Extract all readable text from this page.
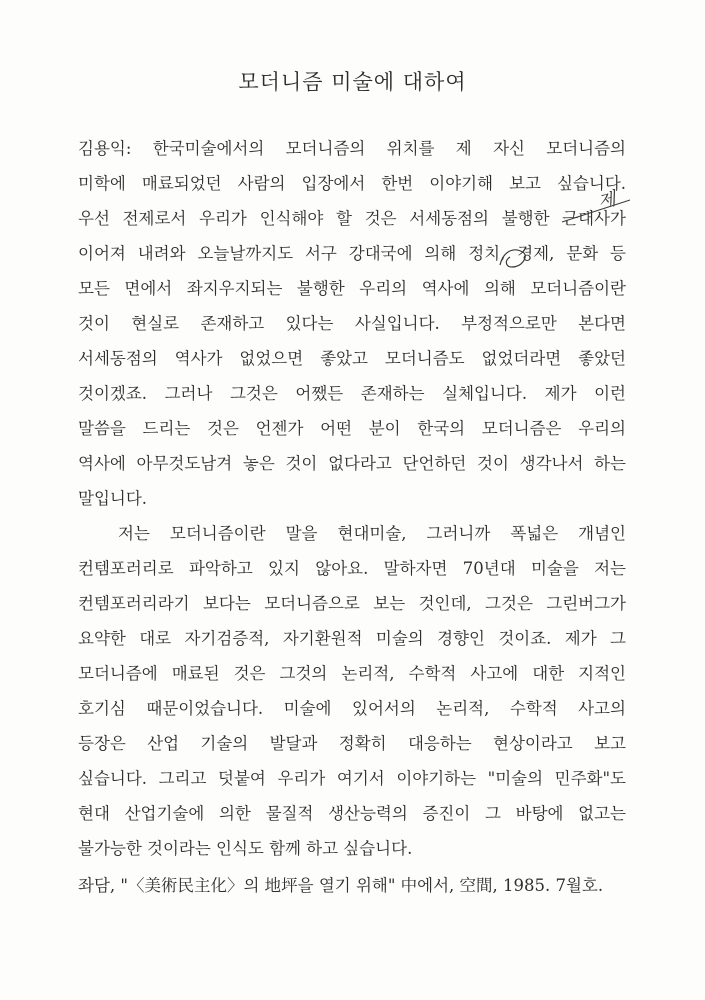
모더니즘 미술에 대하여
김용익: 한국미술에서의 모더니즘의 위치를 제 자신 모더니즘의
미학에 매료되었던 사람의 입장에서 한번 이야기해 보고 싶습니다.
우선 전제로서 우리가 인식해야 할 것은 서세동점의 불행한 근대사가
이어져 내려와 오늘날까지도 서구 강대국에 의해 정치, 경제, 문화 등
모든 면에서 좌지우지되는 불행한 우리의 역사에 의해 모더니즘이란
것이 현실로 존재하고 있다는 사실입니다. 부정적으로만 본다면
서세동점의 역사가 없었으면 좋았고 모더니즘도 없었더라면 좋았던
것이겠죠. 그러나 그것은 어쨌든 존재하는 실체입니다. 제가 이런
말씀을 드리는 것은 언젠가 어떤 분이 한국의 모더니즘은 우리의
역사에 아무것도남겨 놓은 것이 없다라고 단언하던 것이 생각나서 하는
말입니다.
저는 모더니즘이란 말을 현대미술, 그러니까 폭넓은 개념인
컨템포러리로 파악하고 있지 않아요. 말하자면 70년대 미술을 저는
컨템포러리라기 보다는 모더니즘으로 보는 것인데, 그것은 그린버그가
요약한 대로 자기검증적, 자기환원적 미술의 경향인 것이죠. 제가 그
모더니즘에 매료된 것은 그것의 논리적, 수학적 사고에 대한 지적인
호기심 때문이었습니다. 미술에 있어서의 논리적, 수학적 사고의
등장은 산업 기술의 발달과 정확히 대응하는 현상이라고 보고
싶습니다. 그리고 덧붙여 우리가 여기서 이야기하는 "미술의 민주화"도
현대 산업기술에 의한 물질적 생산능력의 증진이 그 바탕에 없고는
불가능한 것이라는 인식도 함께 하고 싶습니다.
좌담, "〈美術民主化〉의 地坪을 열기 위해" 中에서, 空間, 1985. 7월호.
제
